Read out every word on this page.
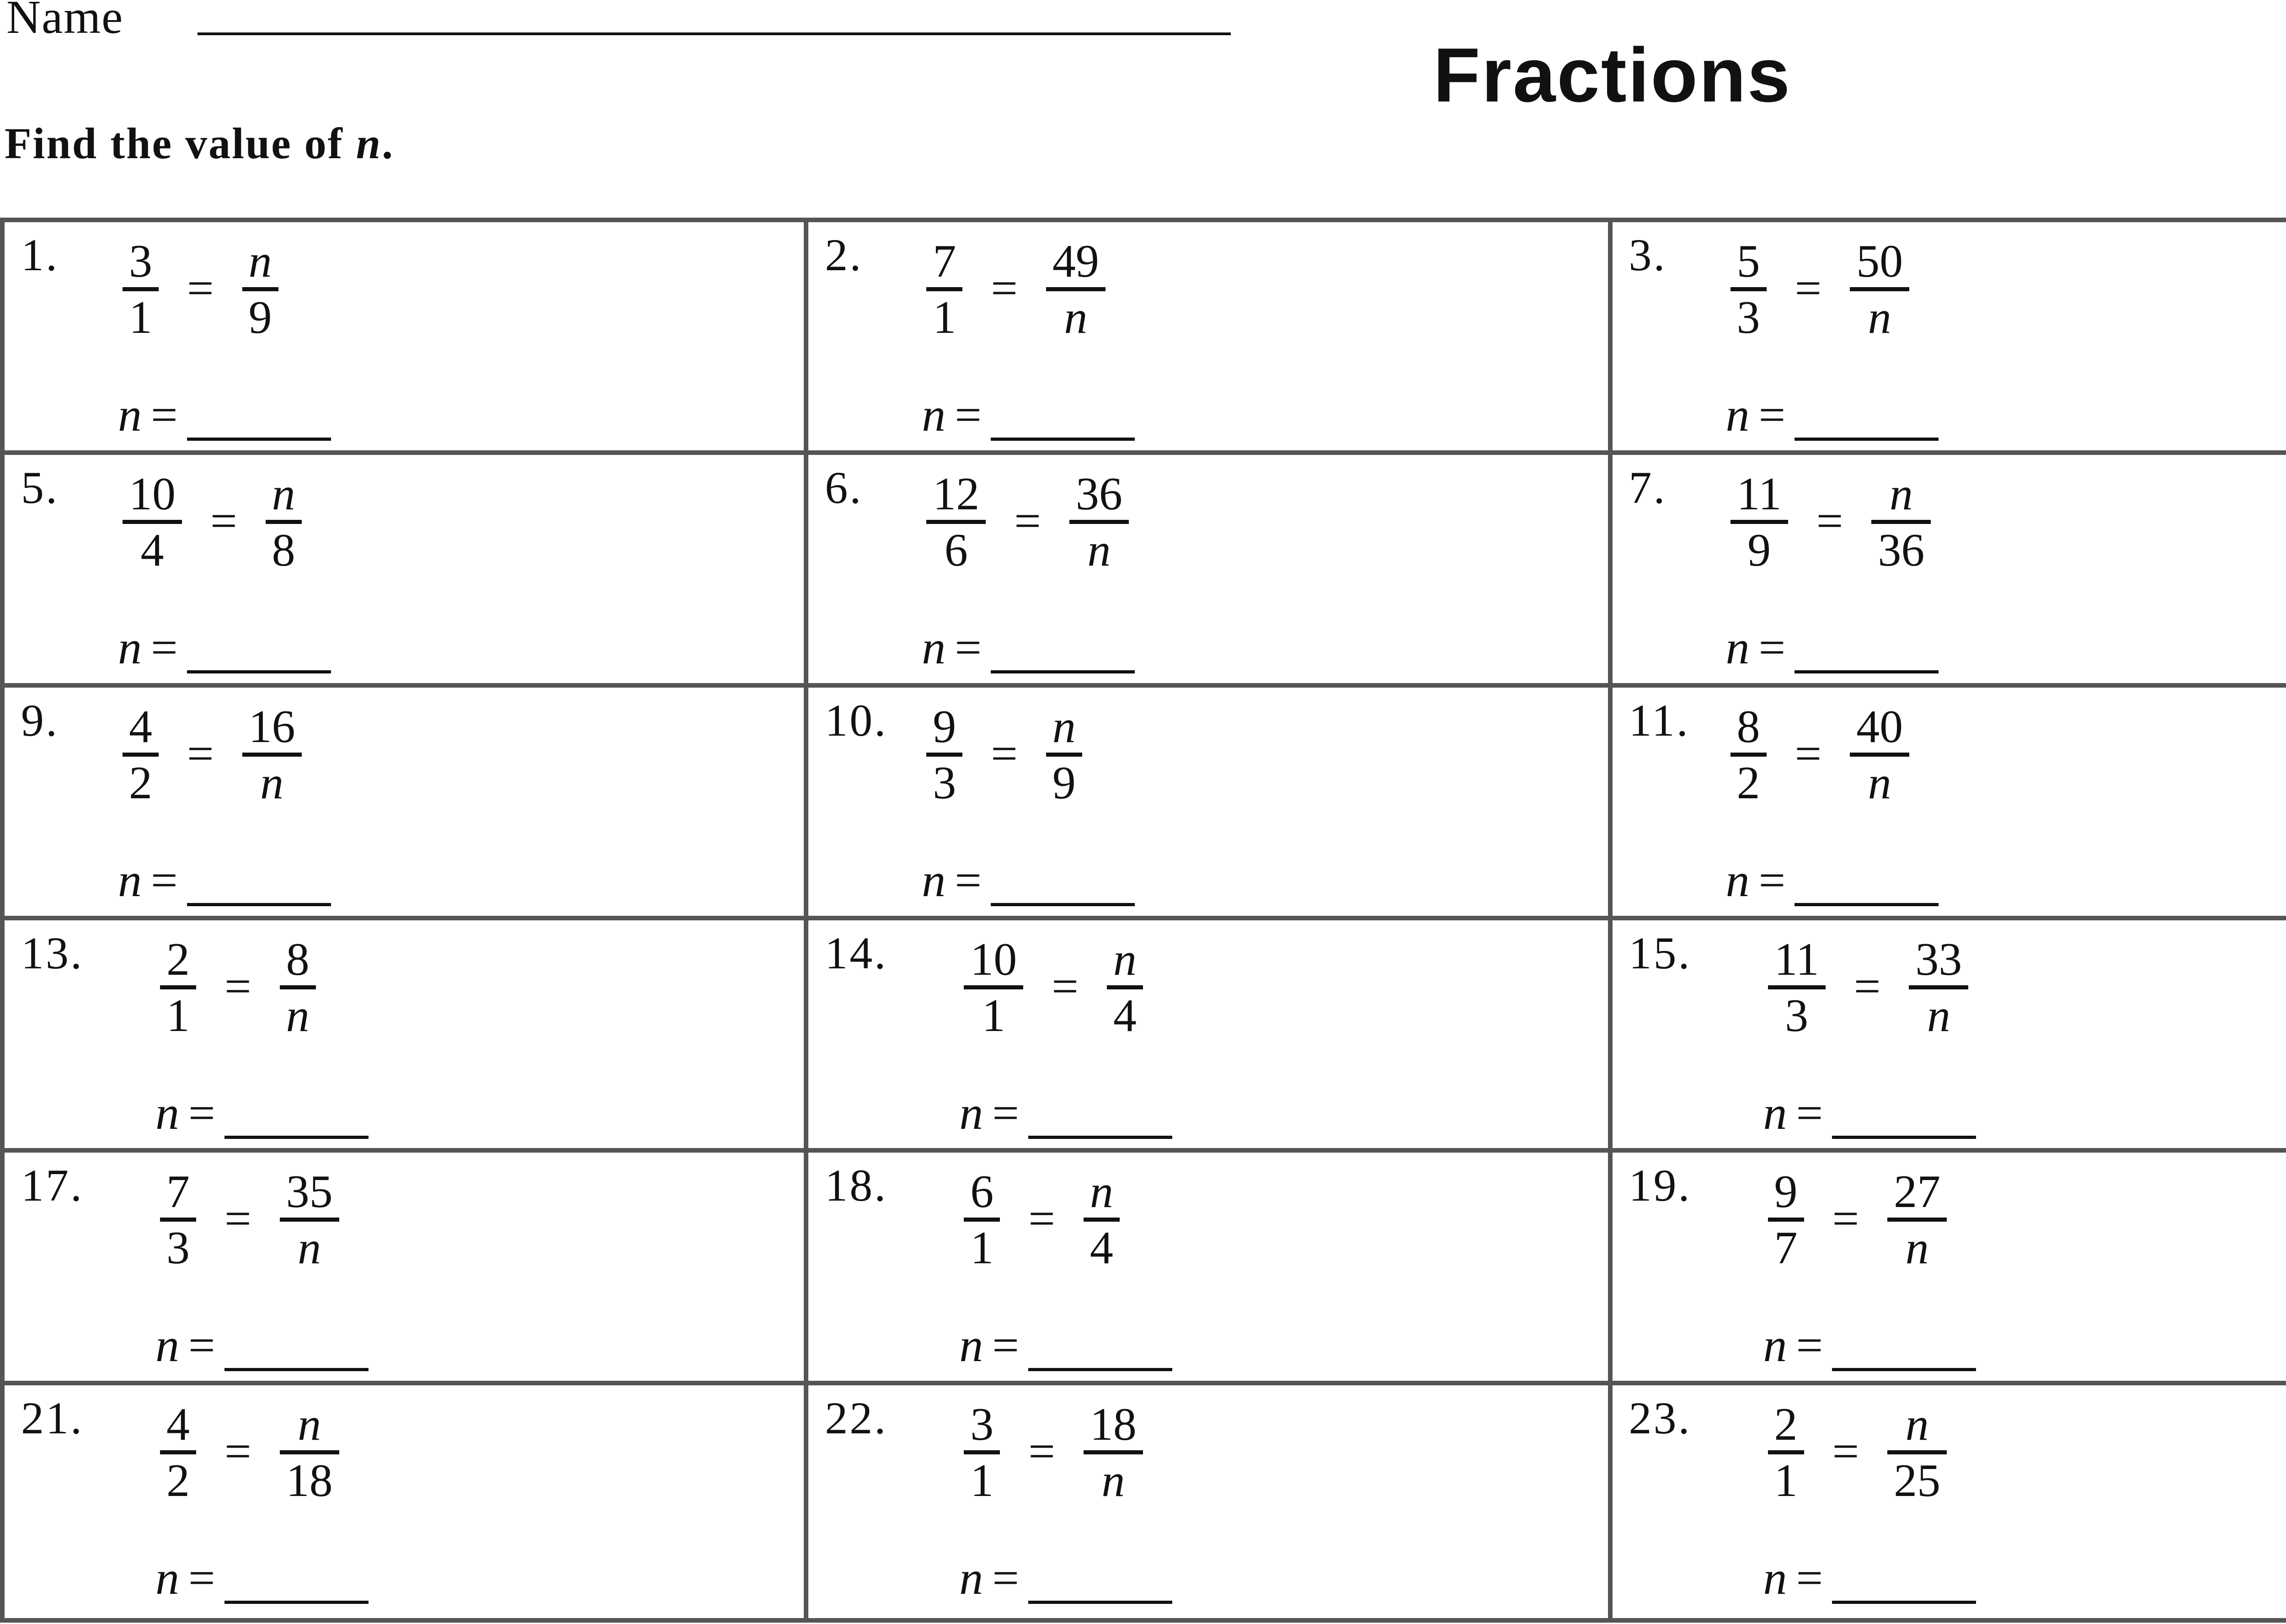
Name
Fractions
Find the value of n.
1. 3
1
=
n
9
n =
2. 7
1
=
49
n
n =
3. 5
3
=
50
n
n =
5. 10
4
=
n
8
n =
6. 12
6
=
36
n
n =
7. 11
9
=
n
36
n =
9. 4
2
=
16
n
n =
10. 9
3
=
n
9
n =
11. 8
2
=
40
n
n =
13. 2
1
=
8
n
n =
14. 10
1
=
n
4
n =
15. 11
3
=
33
n
n =
17. 7
3
=
35
n
n =
18. 6
1
=
n
4
n =
19. 9
7
=
27
n
n =
21. 4
2
=
n
18
n =
22. 3
1
=
18
n
n =
23. 2
1
=
n
25
n =
